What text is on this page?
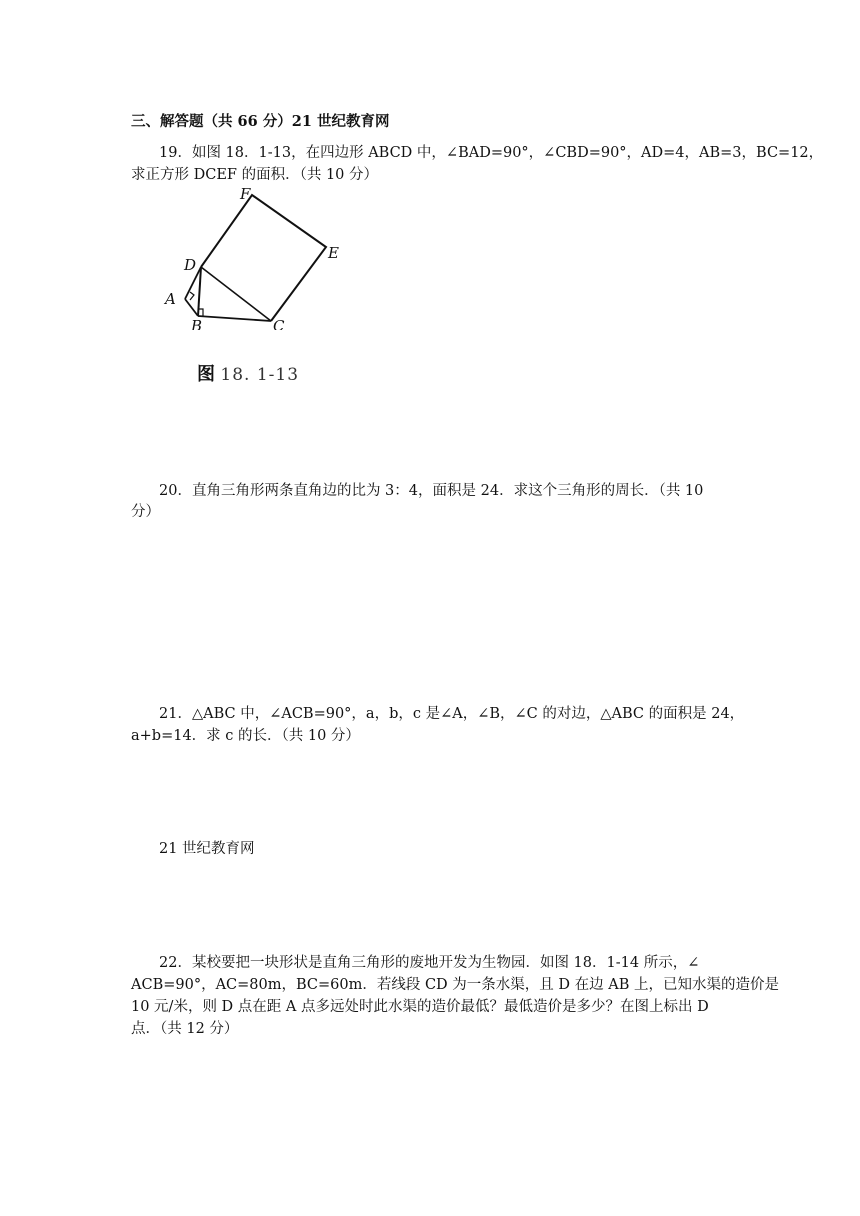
三、解答题（共 66 分）21 世纪教育网
19．如图 18．1-13，在四边形 ABCD 中，∠BAD=90°，∠CBD=90°，AD=4，AB=3，BC=12，
求正方形 DCEF 的面积．（共 10 分）
F
E
D
A
B	C
图 18. 1-13
20．直角三角形两条直角边的比为 3：4，面积是 24．求这个三角形的周长．（共 10
分）
21．△ABC 中，∠ACB=90°，a，b，c 是∠A，∠B，∠C 的对边，△ABC 的面积是 24，
a+b=14．求 c 的长．（共 10 分）
21 世纪教育网
22．某校要把一块形状是直角三角形的废地开发为生物园．如图 18．1-14 所示，∠
ACB=90°，AC=80m，BC=60m．若线段 CD 为一条水渠，且 D 在边 AB 上，已知水渠的造价是
10 元/米，则 D 点在距 A 点多远处时此水渠的造价最低？最低造价是多少？在图上标出 D
点．（共 12 分）
